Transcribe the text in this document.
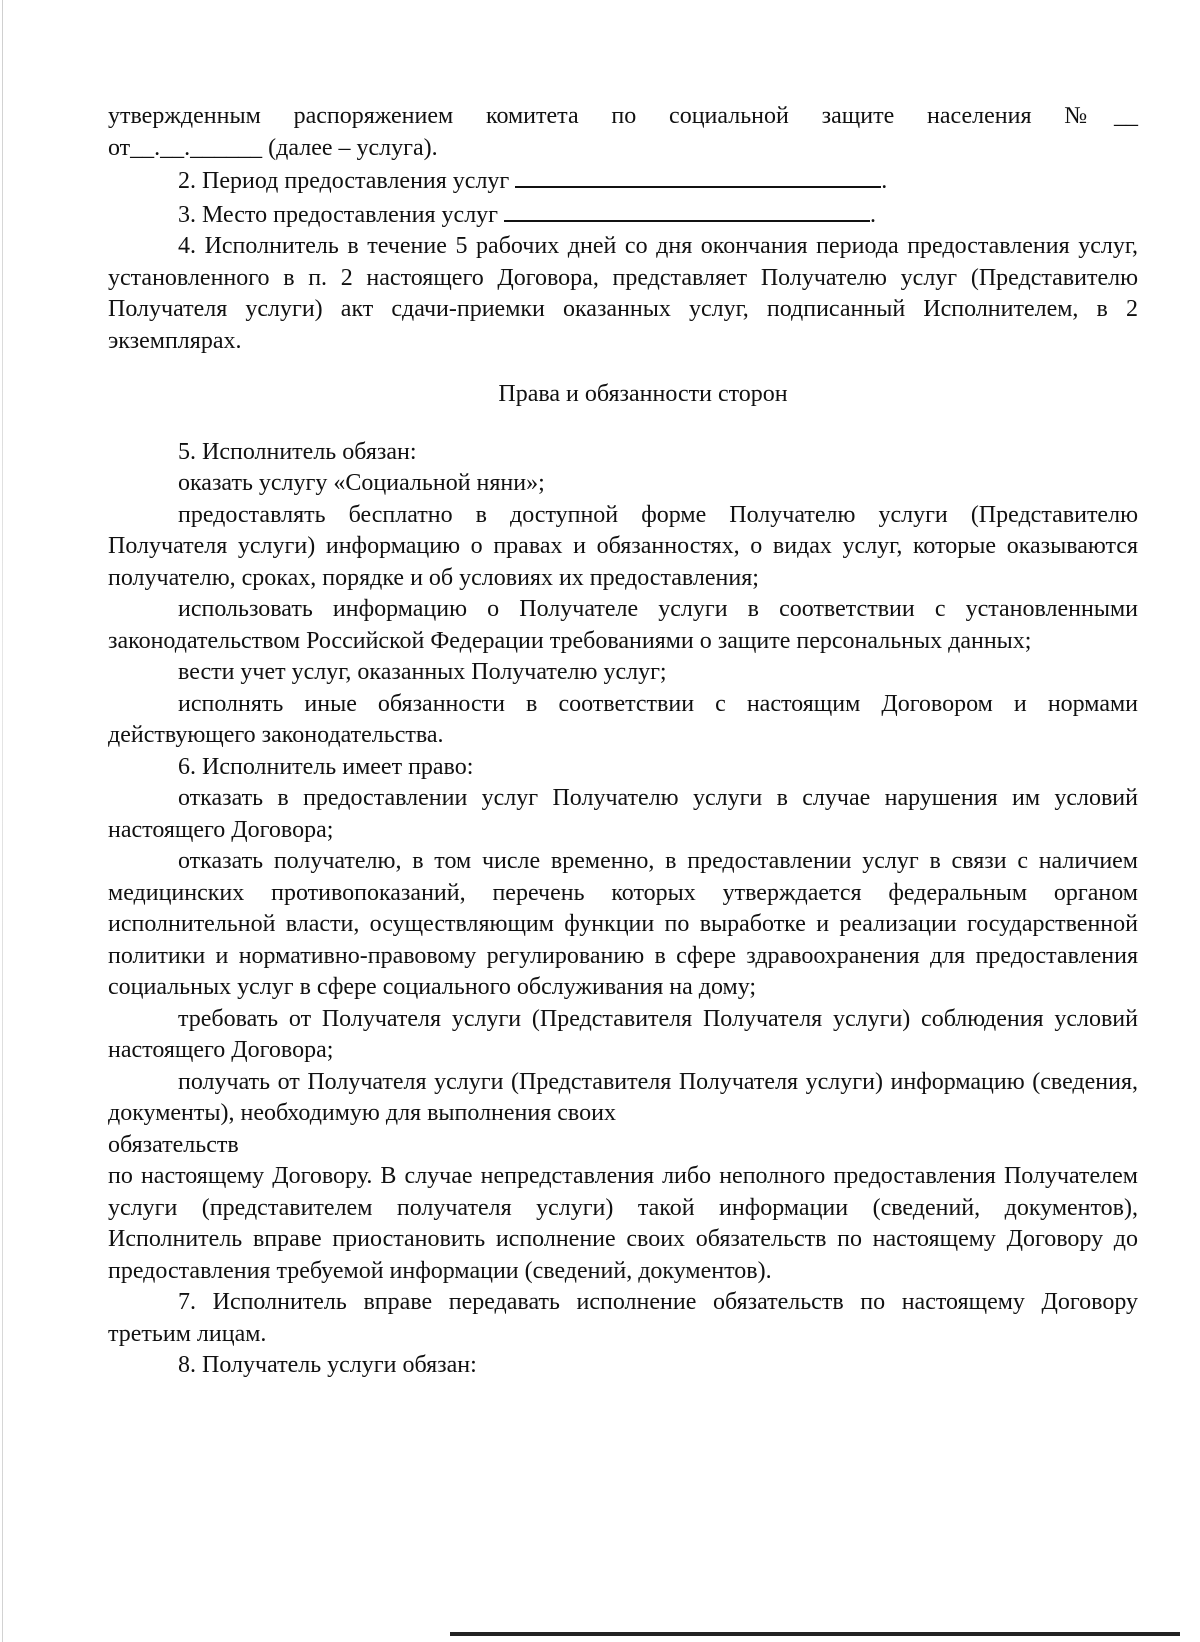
утвержденным распоряжением комитета по социальной защите населения №__

от__.__.______ (далее – услуга).

2. Период предоставления услуг	.

3. Место предоставления услуг	.

4. Исполнитель в течение 5 рабочих дней со дня окончания периода предоставления услуг, установленного в п. 2 настоящего Договора, представляет Получателю услуг (Представителю Получателя услуги) акт сдачи-приемки оказанных услуг, подписанный Исполнителем, в 2 экземплярах.

Права и обязанности сторон

5. Исполнитель обязан:

оказать услугу «Социальной няни»;

предоставлять бесплатно в доступной форме Получателю услуги (Представителю Получателя услуги) информацию о правах и обязанностях, о видах услуг, которые оказываются получателю, сроках, порядке и об условиях их предоставления;

использовать информацию о Получателе услуги в соответствии с установленными законодательством Российской Федерации требованиями о защите персональных данных;

вести учет услуг, оказанных Получателю услуг;

исполнять иные обязанности в соответствии с настоящим Договором и нормами действующего законодательства.

6. Исполнитель имеет право:

отказать в предоставлении услуг Получателю услуги в случае нарушения им условий настоящего Договора;

отказать получателю, в том числе временно, в предоставлении услуг в связи с наличием медицинских противопоказаний, перечень которых утверждается федеральным органом исполнительной власти, осуществляющим функции по выработке и реализации государственной политики и нормативно-правовому регулированию в сфере здравоохранения для предоставления социальных услуг в сфере социального обслуживания на дому;

требовать от Получателя услуги (Представителя Получателя услуги) соблюдения условий настоящего Договора;

получать от Получателя услуги (Представителя Получателя услуги) информацию (сведения, документы), необходимую для выполнения своих

обязательств

по настоящему Договору. В случае непредставления либо неполного предоставления Получателем услуги (представителем получателя услуги) такой информации (сведений, документов), Исполнитель вправе приостановить исполнение своих обязательств по настоящему Договору до предоставления требуемой информации (сведений, документов).

7. Исполнитель вправе передавать исполнение обязательств по настоящему Договору третьим лицам.

8. Получатель услуги обязан:
